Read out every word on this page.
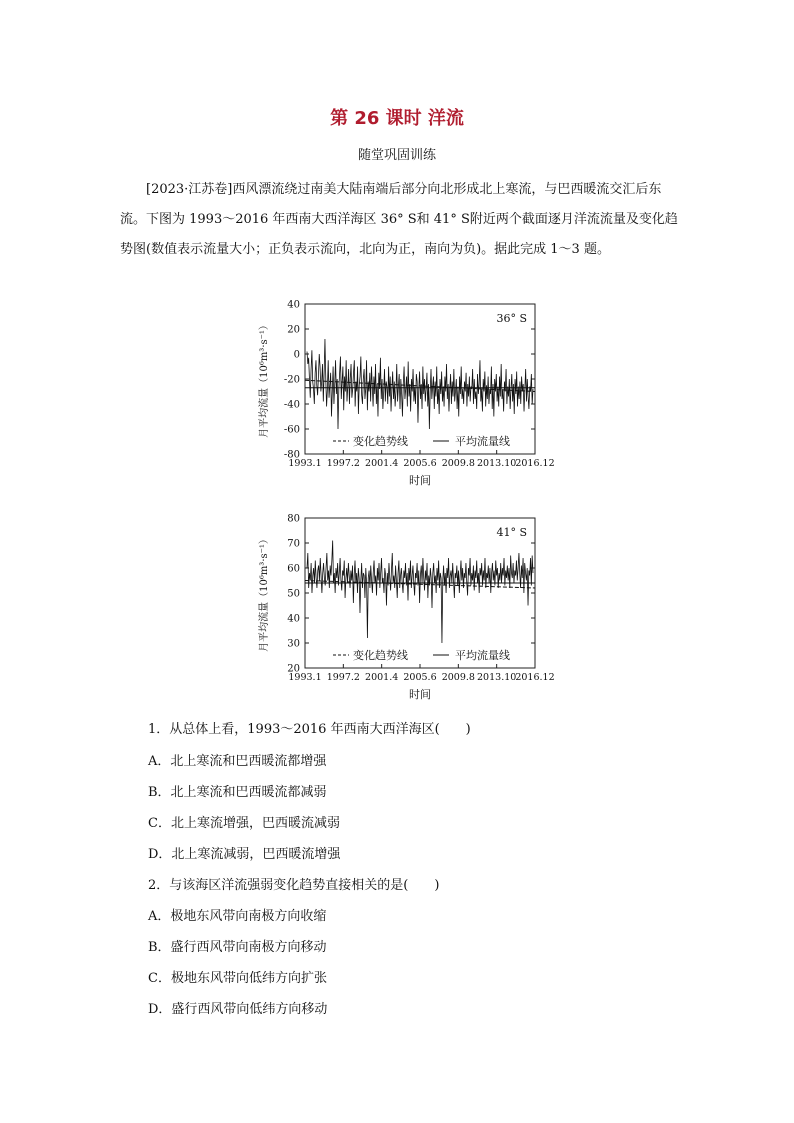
第 26 课时 洋流
随堂巩固训练

[2023·江苏卷]西风漂流绕过南美大陆南端后部分向北形成北上寒流，与巴西暖流交汇后东流。下图为 1993～2016 年西南大西洋海区 36° S和 41° S附近两个截面逐月洋流流量及变化趋势图(数值表示流量大小；正负表示流向，北向为正，南向为负)。据此完成 1～3 题。

40
20
0
-20
-40
-60
-80
1993.1 1997.2 2001.4 2005.6 2009.8 2013.10 2016.12
时间
月平均流量（10⁶m³·s⁻¹）
36° S
变化趋势线	平均流量线
80
70
60
50
40
30
20
1993.1 1997.2 2001.4 2005.6 2009.8 2013.10 2016.12
时间
月平均流量（10⁶m³·s⁻¹）
41° S
变化趋势线	平均流量线
1．从总体上看，1993～2016 年西南大西洋海区(　　)
A．北上寒流和巴西暖流都增强
B．北上寒流和巴西暖流都减弱
C．北上寒流增强，巴西暖流减弱
D．北上寒流减弱，巴西暖流增强
2．与该海区洋流强弱变化趋势直接相关的是(　　)
A．极地东风带向南极方向收缩
B．盛行西风带向南极方向移动
C．极地东风带向低纬方向扩张
D．盛行西风带向低纬方向移动
